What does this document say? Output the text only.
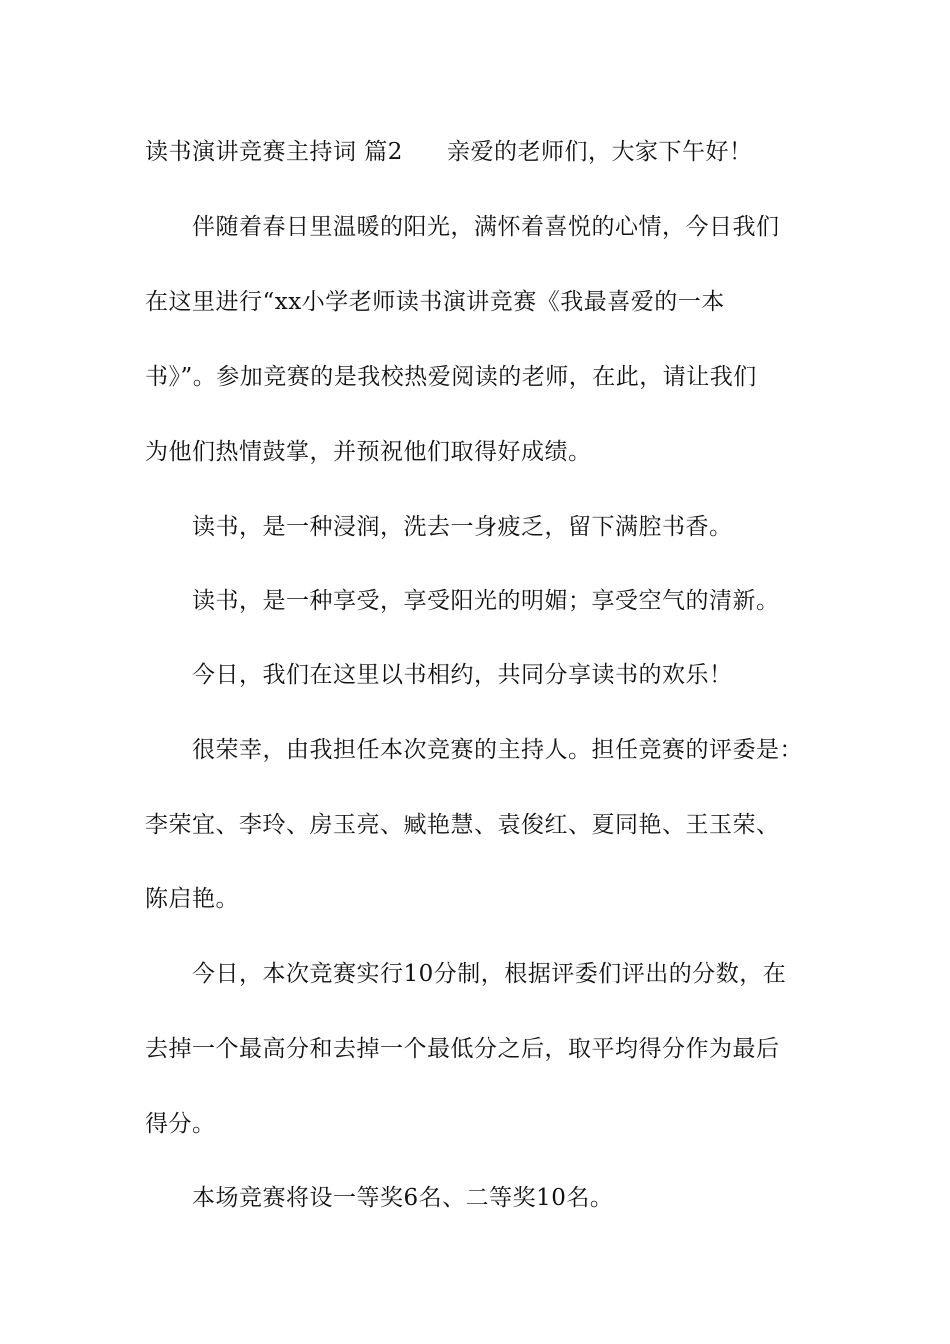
读书演讲竞赛主持词 篇2 亲爱的老师们，大家下午好！
伴随着春日里温暖的阳光，满怀着喜悦的心情，今日我们
在这里进行“xx小学老师读书演讲竞赛《我最喜爱的一本
书》”。参加竞赛的是我校热爱阅读的老师，在此，请让我们
为他们热情鼓掌，并预祝他们取得好成绩。
读书，是一种浸润，洗去一身疲乏，留下满腔书香。
读书，是一种享受，享受阳光的明媚；享受空气的清新。
今日，我们在这里以书相约，共同分享读书的欢乐！
很荣幸，由我担任本次竞赛的主持人。担任竞赛的评委是：
李荣宜、李玲、房玉亮、臧艳慧、袁俊红、夏同艳、王玉荣、
陈启艳。
今日，本次竞赛实行10分制，根据评委们评出的分数，在
去掉一个最高分和去掉一个最低分之后，取平均得分作为最后
得分。
本场竞赛将设一等奖6名、二等奖10名。
